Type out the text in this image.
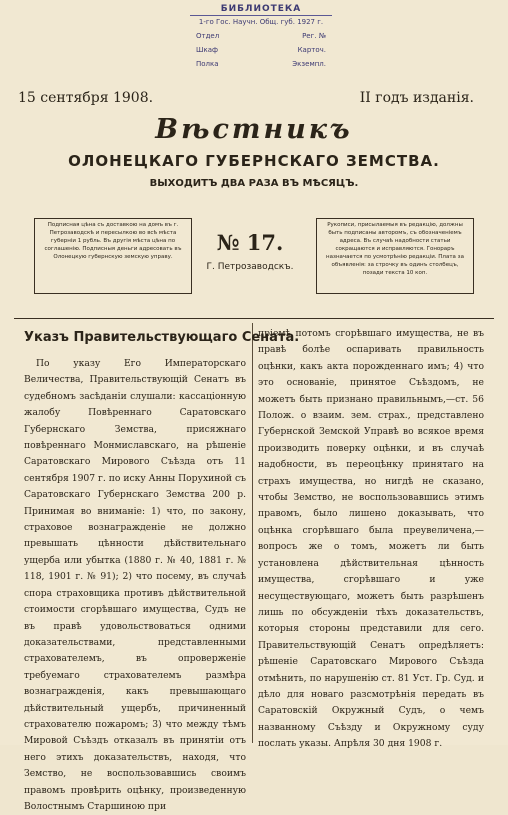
БИБЛИОТЕКА
1-го Гос. Научн. Общ. губ. 1927 г.
Отдел	Рег. №
Шкаф	Карточ.
Полка	Экземпл.
15 сентября 1908.	II годъ изданія.
Вѣстникъ
ОЛОНЕЦКАГО ГУБЕРНСКАГО ЗЕМСТВА.
ВЫХОДИТЪ ДВА РАЗА ВЪ МѢСЯЦЪ.
Подписная цѣна съ доставкою на домъ въ г. Петрозаводскѣ и пересылкою во всѣ мѣста губерніи 1 рубль. Въ другія мѣста цѣна по соглашенію. Подписныя деньги адресовать въ Олонецкую губернскую земскую управу.
№ 17.
Г. Петрозаводскъ.
Рукописи, присылаемыя въ редакцію, должны быть подписаны авторомъ, съ обозначеніемъ адреса. Въ случаѣ надобности статьи сокращаются и исправляются. Гонораръ назначается по усмотрѣнію редакціи. Плата за объявленія: за строчку въ одинъ столбецъ, позади текста 10 коп.
Указъ Правительствующаго Сената.
По указу Его Императорскаго Величества, Правительствующій Сенатъ въ судебномъ засѣданіи слушали: кассаціонную жалобу Повѣреннаго Саратовскаго Губернскаго Земства, присяжнаго повѣреннаго Монмиславскаго, на рѣшеніе Саратовскаго Мирового Съѣзда отъ 11 сентября 1907 г. по иску Анны Порухиной съ Саратовскаго Губернскаго Земства 200 р. Принимая во вниманіе: 1) что, по закону, страховое вознагражденіе не должно превышать цѣнности дѣйствительнаго ущерба или убытка (1880 г. № 40, 1881 г. № 118, 1901 г. № 91); 2) что посему, въ случаѣ спора страховщика противъ дѣйствительной стоимости сгорѣвшаго имущества, Судъ не въ правѣ удовольствоваться одними доказательствами, представленными страхователемъ, въ опроверженіе требуемаго страхователемъ размѣра вознагражденія, какъ превышающаго дѣйствительный ущербъ, причиненный страхователю пожаромъ; 3) что между тѣмъ Мировой Съѣздъ отказалъ въ принятіи отъ него этихъ доказательствъ, находя, что Земство, не воспользовавшись своимъ правомъ провѣрить оцѣнку, произведенную Волостнымъ Старшиною при
пріемѣ потомъ сгорѣвшаго имущества, не въ правѣ болѣе оспаривать правильность оцѣнки, какъ акта порожденнаго имъ; 4) что это основаніе, принятое Съѣздомъ, не можетъ быть признано правильнымъ,—ст. 56 Полож. о взаим. зем. страх., представлено Губернской Земской Управѣ во всякое время производить поверку оцѣнки, и въ случаѣ надобности, въ переоцѣнку принятаго на страхъ имущества, но нигдѣ не сказано, чтобы Земство, не воспользовавшись этимъ правомъ, было лишено доказывать, что оцѣнка сгорѣвшаго была преувеличена,—вопросъ же о томъ, можетъ ли быть установлена дѣйствительная цѣнность имущества, сгорѣвшаго и уже несуществующаго, можетъ быть разрѣшенъ лишь по обсужденіи тѣхъ доказательствъ, которыя стороны представили для сего. Правительствующій Сенатъ опредѣляетъ: рѣшеніе Саратовскаго Мирового Съѣзда отмѣнить, по нарушенію ст. 81 Уст. Гр. Суд. и дѣло для новаго разсмотрѣнія передать въ Саратовскій Окружный Судъ, о чемъ названному Съѣзду и Окружному суду послать указы. Апрѣля 30 дня 1908 г.
